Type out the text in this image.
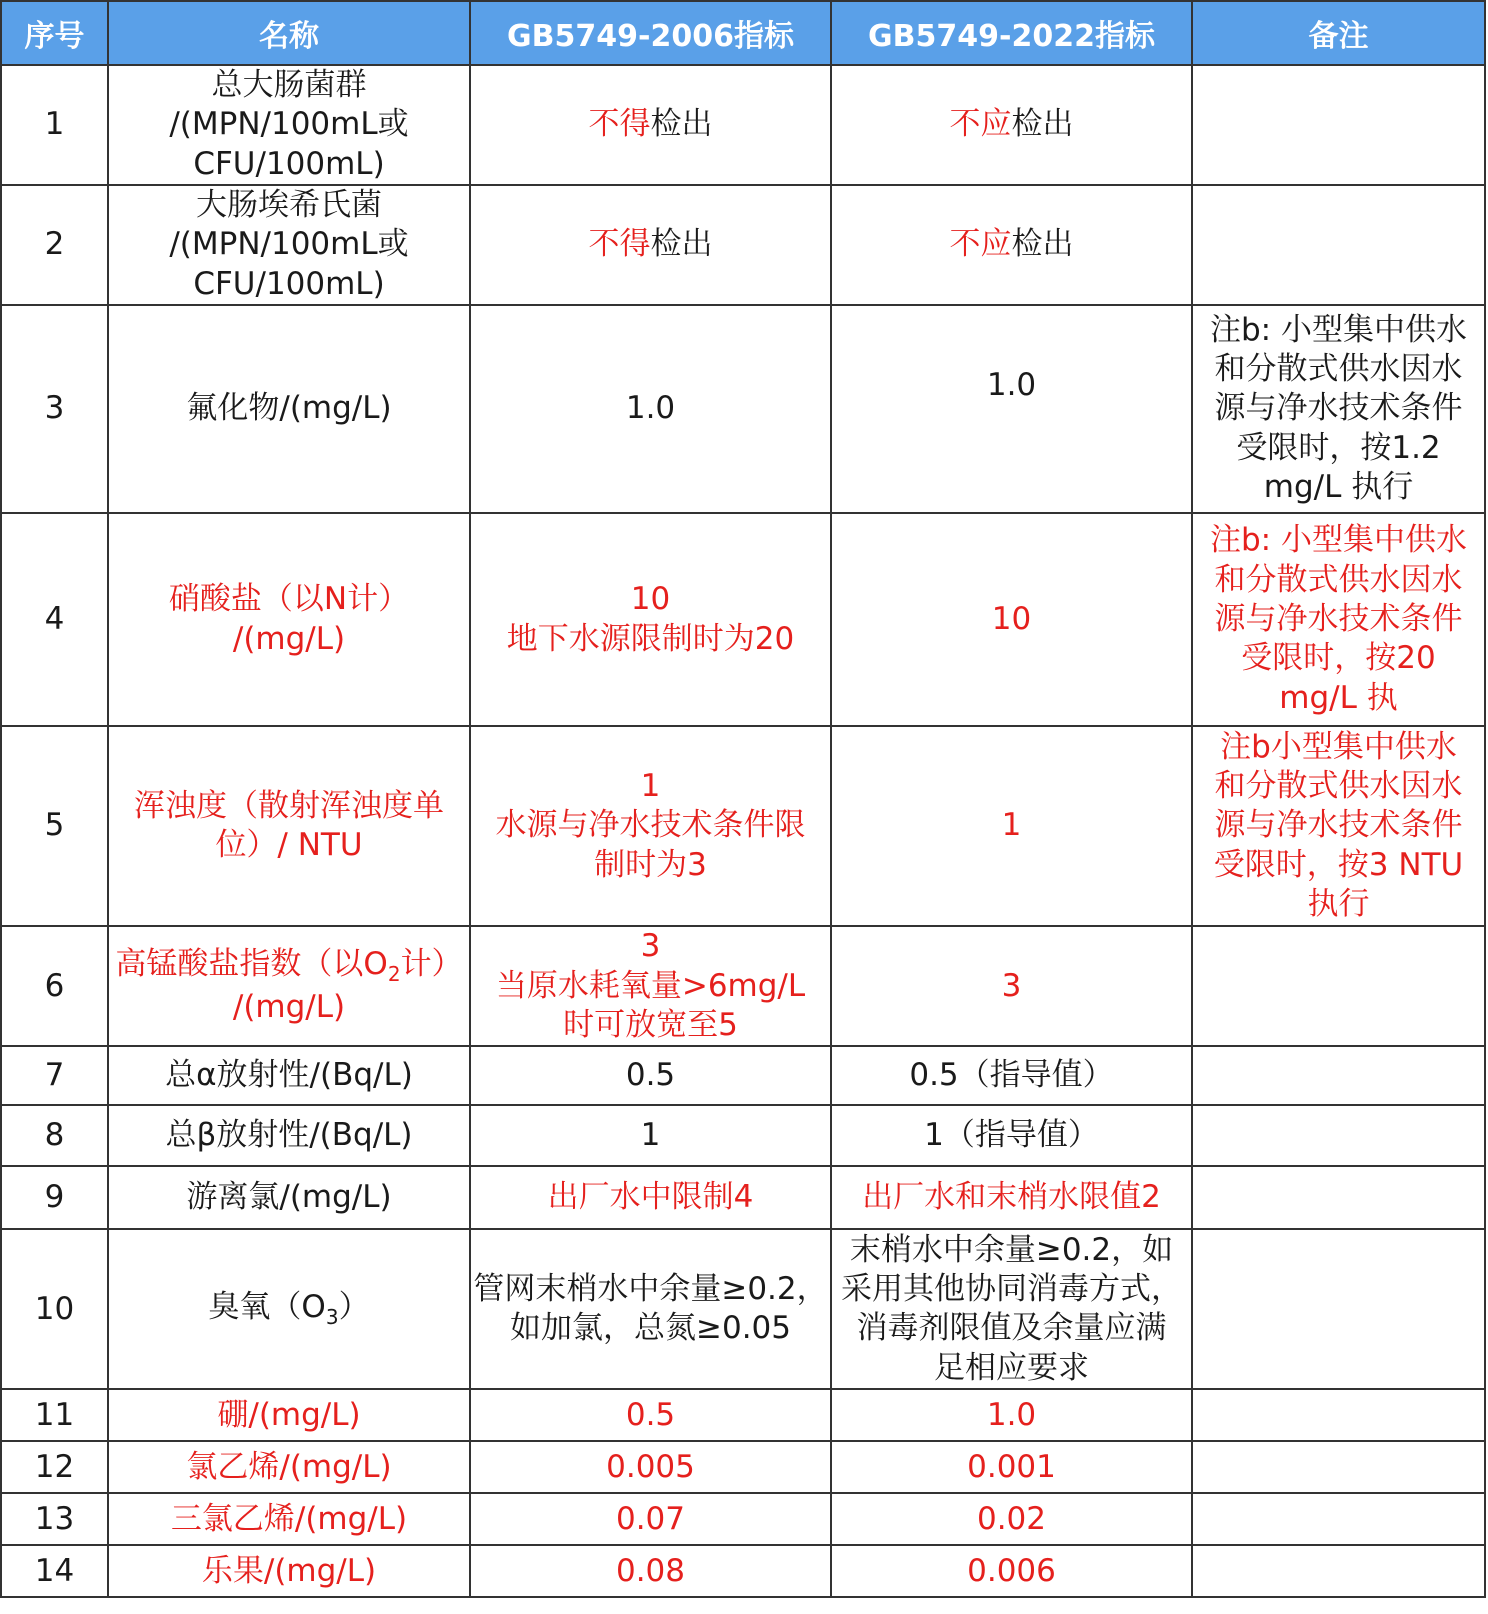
序号	名称	GB5749-2006指标	GB5749-2022指标	备注
1	总大肠菌群
/(MPN/100mL或
CFU/100mL)	不得检出	不应检出	
2	大肠埃希氏菌
/(MPN/100mL或
CFU/100mL)	不得检出	不应检出	
3	氟化物/(mg/L)	1.0	1.0	注b: 小型集中供水
和分散式供水因水
源与净水技术条件
受限时，按1.2
mg/L 执行

4	硝酸盐（以N计）
/(mg/L)	10
地下水源限制时为20	10	注b: 小型集中供水
和分散式供水因水
源与净水技术条件
受限时，按20
mg/L 执

5	浑浊度（散射浑浊度单
位）/ NTU	1
水源与净水技术条件限
制时为3	1	注b小型集中供水
和分散式供水因水
源与净水技术条件
受限时，按3 NTU
执行

6	高锰酸盐指数（以$O_2$计）
/(mg/L)	3
当原水耗氧量>6mg/L
时可放宽至5	3	
7	总α放射性/(Bq/L)	0.5	0.5（指导值）	
8	总β放射性/(Bq/L)	1	1（指导值）	
9	游离氯/(mg/L)	出厂水中限制4	出厂水和末梢水限值2	
10	臭氧$(O_3)$	管网末梢水中余量≥0.2，
如加氯，总氮≥0.05	末梢水中余量≥0.2，如
采用其他协同消毒方式，
消毒剂限值及余量应满
足相应要求	

11	硼/(mg/L)	0.5	1.0	
12	氯乙烯/(mg/L)	0.005	0.001	
13	三氯乙烯/(mg/L)	0.07	0.02	
14	乐果/(mg/L)	0.08	0.006	
